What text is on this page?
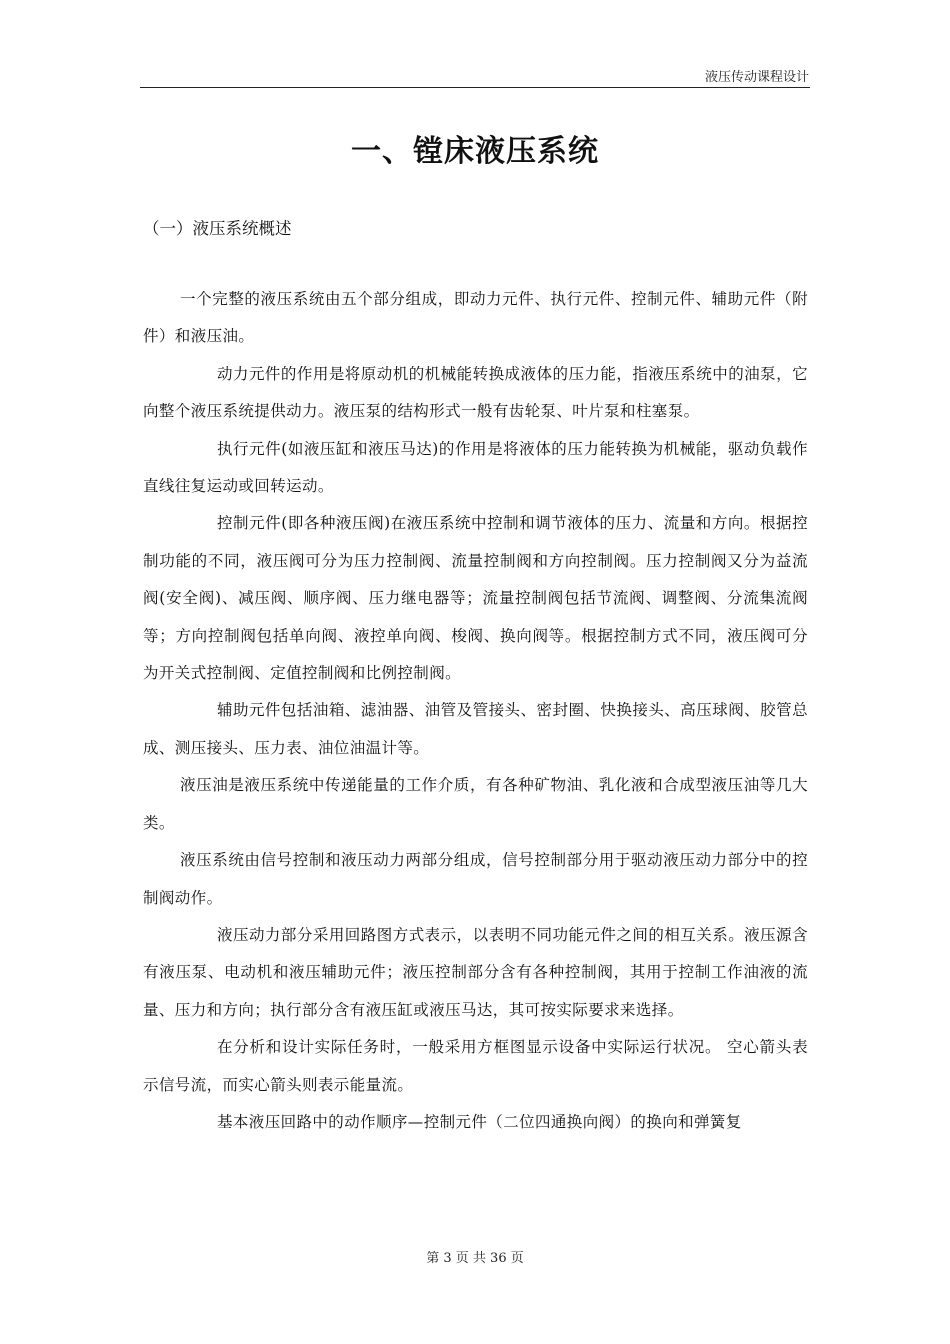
液压传动课程设计
一、镗床液压系统
（一）液压系统概述

一个完整的液压系统由五个部分组成，即动力元件、执行元件、控制元件、辅助元件（附件）和液压油。

动力元件的作用是将原动机的机械能转换成液体的压力能，指液压系统中的油泵，它向整个液压系统提供动力。液压泵的结构形式一般有齿轮泵、叶片泵和柱塞泵。

执行元件(如液压缸和液压马达)的作用是将液体的压力能转换为机械能，驱动负载作直线往复运动或回转运动。

控制元件(即各种液压阀)在液压系统中控制和调节液体的压力、流量和方向。根据控制功能的不同，液压阀可分为压力控制阀、流量控制阀和方向控制阀。压力控制阀又分为益流阀(安全阀)、减压阀、顺序阀、压力继电器等；流量控制阀包括节流阀、调整阀、分流集流阀等；方向控制阀包括单向阀、液控单向阀、梭阀、换向阀等。根据控制方式不同，液压阀可分为开关式控制阀、定值控制阀和比例控制阀。

辅助元件包括油箱、滤油器、油管及管接头、密封圈、快换接头、高压球阀、胶管总成、测压接头、压力表、油位油温计等。

液压油是液压系统中传递能量的工作介质，有各种矿物油、乳化液和合成型液压油等几大类。

液压系统由信号控制和液压动力两部分组成，信号控制部分用于驱动液压动力部分中的控制阀动作。

液压动力部分采用回路图方式表示，以表明不同功能元件之间的相互关系。液压源含有液压泵、电动机和液压辅助元件；液压控制部分含有各种控制阀，其用于控制工作油液的流量、压力和方向；执行部分含有液压缸或液压马达，其可按实际要求来选择。

在分析和设计实际任务时，一般采用方框图显示设备中实际运行状况。 空心箭头表示信号流，而实心箭头则表示能量流。

基本液压回路中的动作顺序—控制元件（二位四通换向阀）的换向和弹簧复

第 3 页 共 36 页
